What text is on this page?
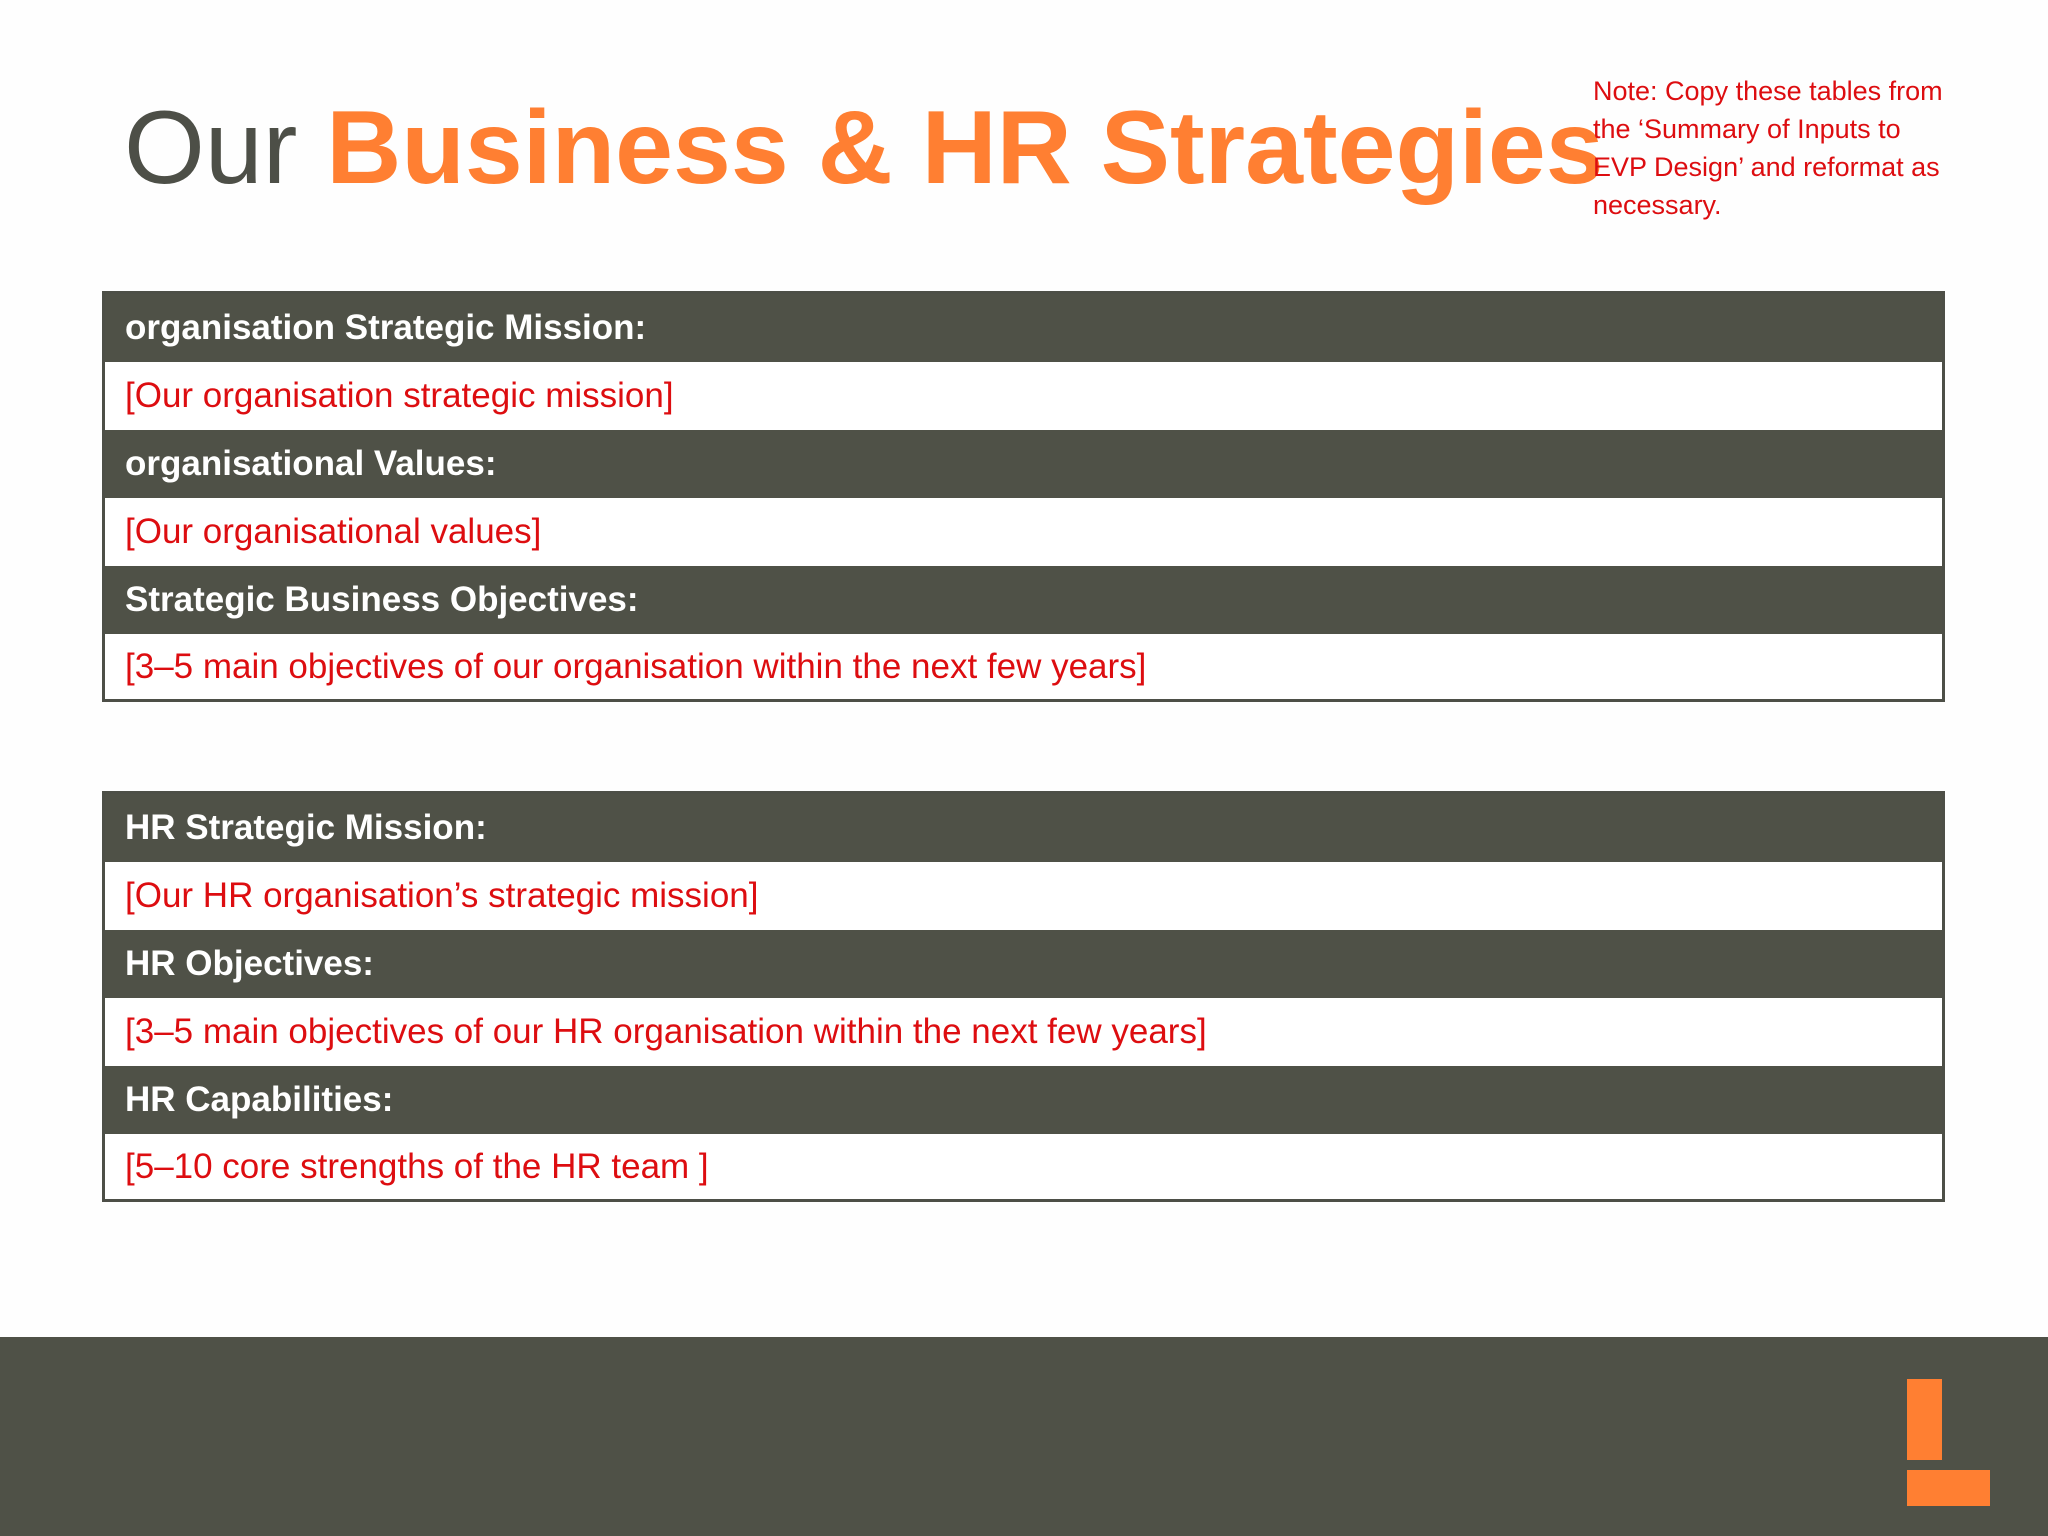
Our Business & HR Strategies
Note: Copy these tables from the ‘Summary of Inputs to EVP Design’ and reformat as necessary.
organisation Strategic Mission:
[Our organisation strategic mission]
organisational Values:
[Our organisational values]
Strategic Business Objectives:
[3–5 main objectives of our organisation within the next few years]
HR Strategic Mission:
[Our HR organisation’s strategic mission]
HR Objectives:
[3–5 main objectives of our HR organisation within the next few years]
HR Capabilities:
[5–10 core strengths of the HR team ]
